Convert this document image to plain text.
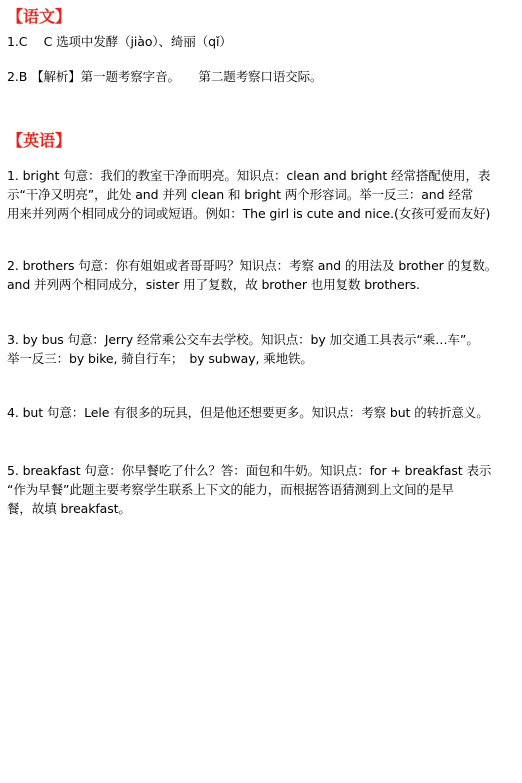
【语文】
1.C　 C 选项中发酵（jiào）、绮丽（qǐ）
2.B 【解析】第一题考察字音。　　第二题考察口语交际。
【英语】
1. bright 句意：我们的教室干净而明亮。知识点：clean and bright 经常搭配使用，表
示“干净又明亮”，此处 and 并列 clean 和 bright 两个形容词。举一反三：and 经常
用来并列两个相同成分的词或短语。例如：The girl is cute and nice.(女孩可爱而友好)
2. brothers 句意：你有姐姐或者哥哥吗？知识点：考察 and 的用法及 brother 的复数。
and 并列两个相同成分，sister 用了复数，故 brother 也用复数 brothers.
3. by bus 句意：Jerry 经常乘公交车去学校。知识点：by 加交通工具表示“乘…车”。
举一反三：by bike, 骑自行车；　by subway, 乘地铁。
4. but 句意：Lele 有很多的玩具，但是他还想要更多。知识点：考察 but 的转折意义。
5. breakfast 句意：你早餐吃了什么？答：面包和牛奶。知识点：for + breakfast 表示
“作为早餐”此题主要考察学生联系上下文的能力，而根据答语猜测到上文间的是早
餐，故填 breakfast。
